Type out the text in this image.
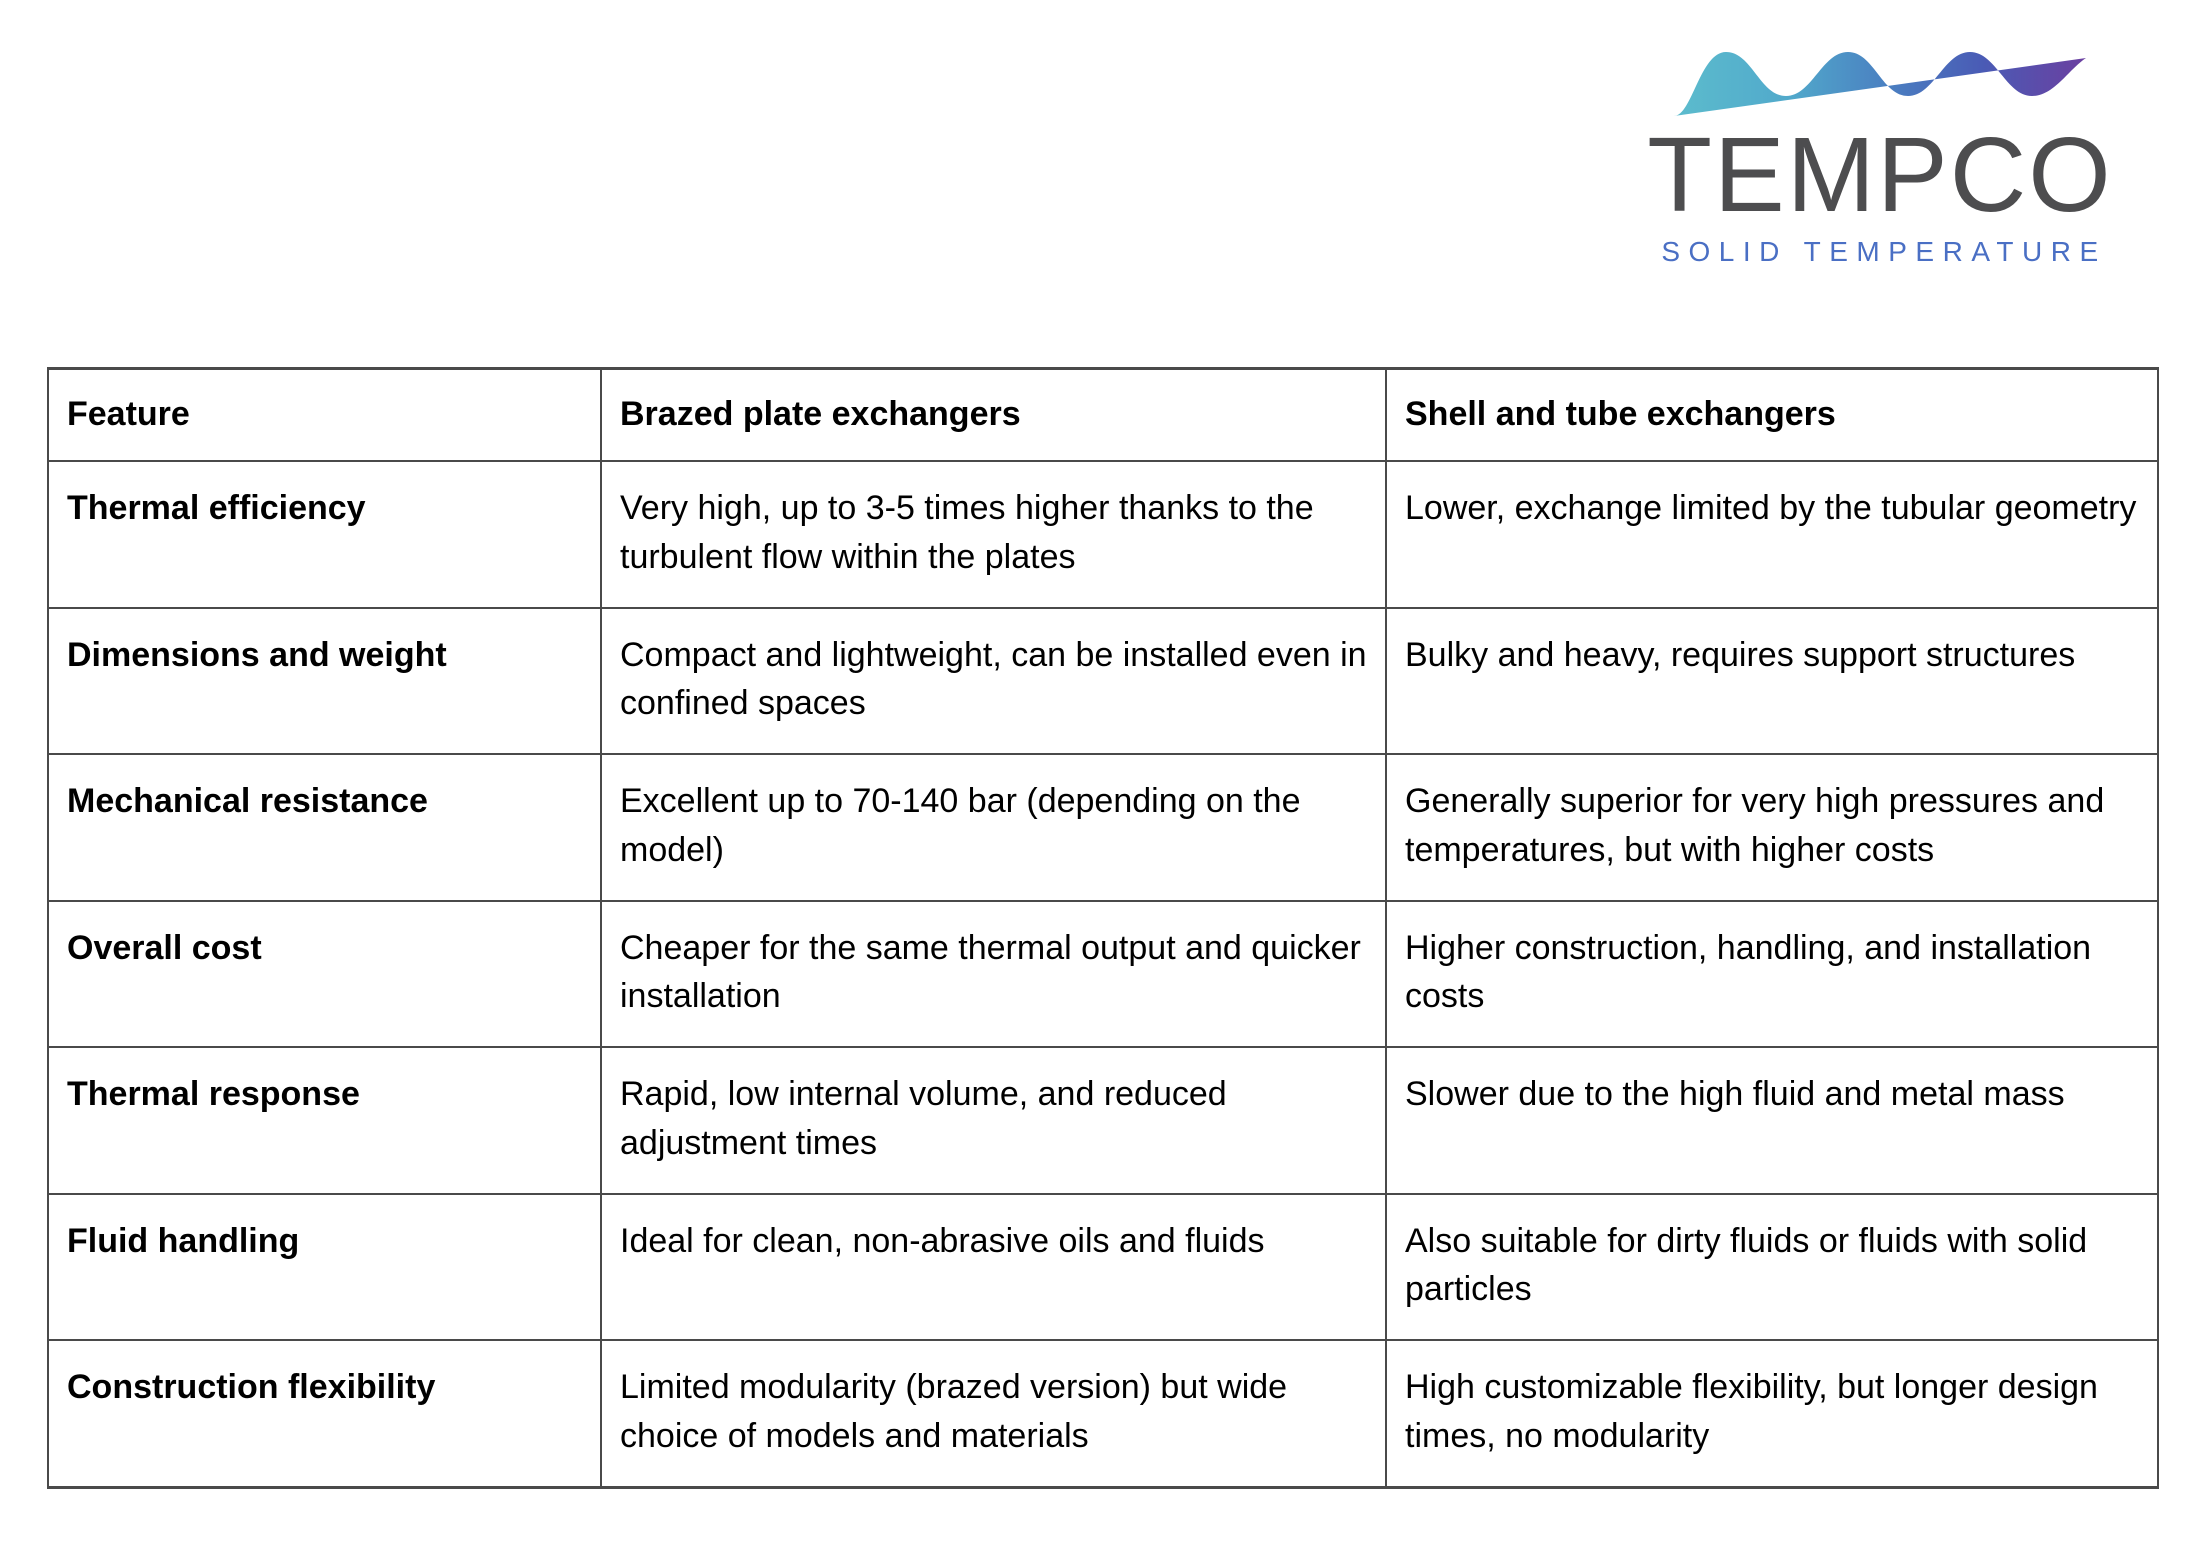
TEMPCO
SOLID TEMPERATURE
Feature	Brazed plate exchangers	Shell and tube exchangers
Thermal efficiency	Very high, up to 3-5 times higher thanks to the turbulent flow within the plates	Lower, exchange limited by the tubular geometry
Dimensions and weight	Compact and lightweight, can be installed even in confined spaces	Bulky and heavy, requires support structures
Mechanical resistance	Excellent up to 70-140 bar (depending on the model)	Generally superior for very high pressures and temperatures, but with higher costs
Overall cost	Cheaper for the same thermal output and quicker installation	Higher construction, handling, and installation costs
Thermal response	Rapid, low internal volume, and reduced adjustment times	Slower due to the high fluid and metal mass
Fluid handling	Ideal for clean, non-abrasive oils and fluids	Also suitable for dirty fluids or fluids with solid particles
Construction flexibility	Limited modularity (brazed version) but wide choice of models and materials	High customizable flexibility, but longer design times, no modularity
